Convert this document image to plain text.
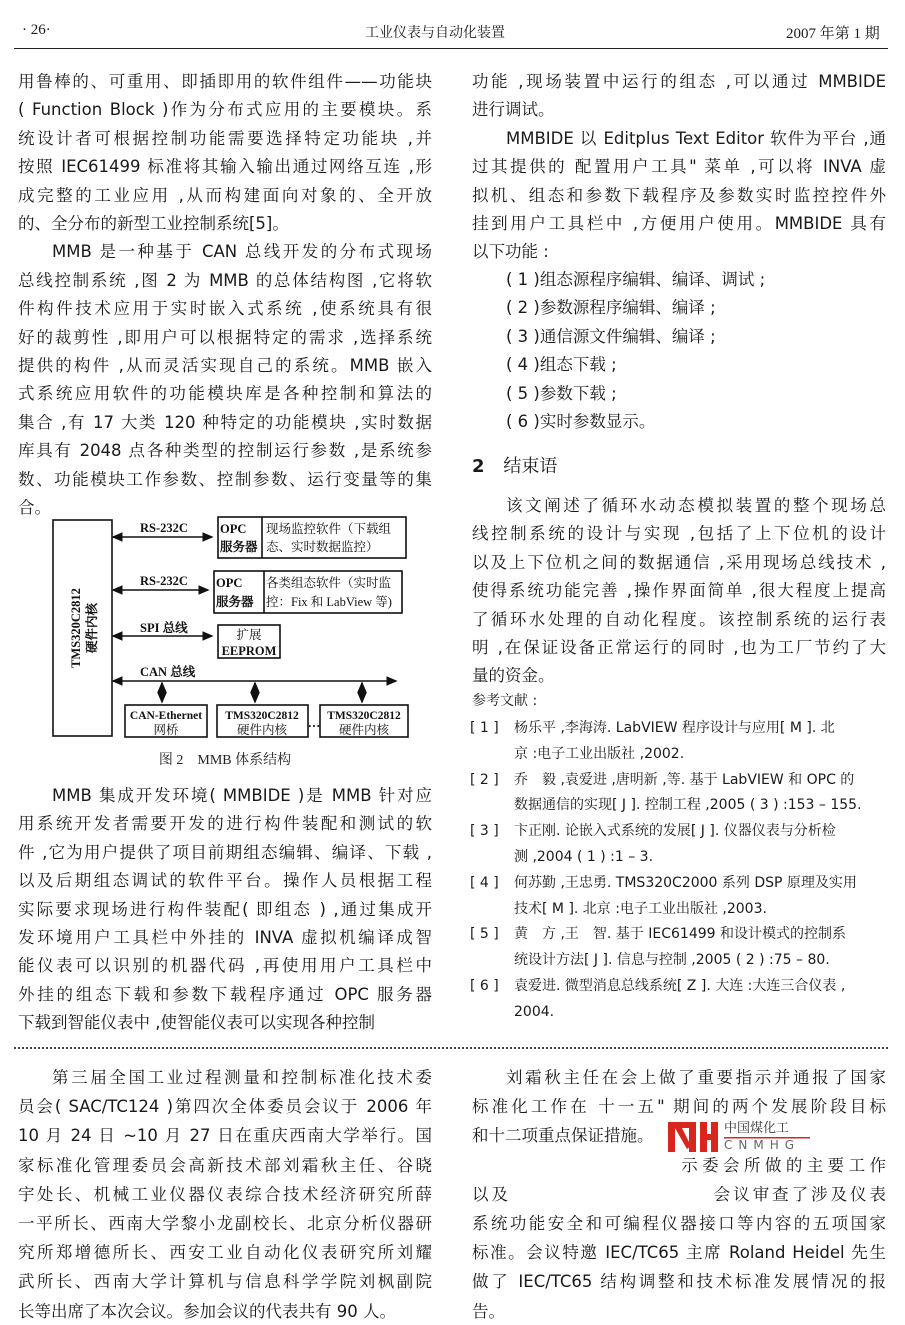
· 26·	工业仪表与自动化装置	2007 年第 1 期
用鲁棒的、可重用、即插即用的软件组件——功能块
( Function Block )作为分布式应用的主要模块。系
统设计者可根据控制功能需要选择特定功能块 ,并
按照 IEC61499 标准将其输入输出通过网络互连 ,形
成完整的工业应用 ,从而构建面向对象的、全开放
的、全分布的新型工业控制系统[5]。
MMB 是一种基于 CAN 总线开发的分布式现场
总线控制系统 ,图 2 为 MMB 的总体结构图 ,它将软
件构件技术应用于实时嵌入式系统 ,使系统具有很
好的裁剪性 ,即用户可以根据特定的需求 ,选择系统
提供的构件 ,从而灵活实现自己的系统。MMB 嵌入
式系统应用软件的功能模块库是各种控制和算法的
集合 ,有 17 大类 120 种特定的功能模块 ,实时数据
库具有 2048 点各种类型的控制运行参数 ,是系统参
数、功能模块工作参数、控制参数、运行变量等的集
合。
MMB 集成开发环境( MMBIDE )是 MMB 针对应
用系统开发者需要开发的进行构件装配和测试的软
件 ,它为用户提供了项目前期组态编辑、编译、下载 ,
以及后期组态调试的软件平台。操作人员根据工程
实际要求现场进行构件装配( 即组态 ) ,通过集成开
发环境用户工具栏中外挂的 INVA 虚拟机编译成智
能仪表可以识别的机器代码 ,再使用用户工具栏中
外挂的组态下载和参数下载程序通过 OPC 服务器
下载到智能仪表中 ,使智能仪表可以实现各种控制
功能 ,现场装置中运行的组态 ,可以通过 MMBIDE
进行调试。
MMBIDE 以 Editplus Text Editor 软件为平台 ,通
过其提供的 配置用户工具" 菜单 ,可以将 INVA 虚
拟机、组态和参数下载程序及参数实时监控控件外
挂到用户工具栏中 ,方便用户使用。MMBIDE 具有
以下功能 :
( 1 )组态源程序编辑、编译、调试 ;
( 2 )参数源程序编辑、编译 ;
( 3 )通信源文件编辑、编译 ;
( 4 )组态下载 ;
( 5 )参数下载 ;
( 6 )实时参数显示。
该文阐述了循环水动态模拟装置的整个现场总
线控制系统的设计与实现 ,包括了上下位机的设计
以及上下位机之间的数据通信 ,采用现场总线技术 ,
使得系统功能完善 ,操作界面简单 ,很大程度上提高
了循环水处理的自动化程度。该控制系统的运行表
明 ,在保证设备正常运行的同时 ,也为工厂节约了大
量的资金。
参考文献 :
[ 1 ] 杨乐平 ,李海涛. LabVIEW 程序设计与应用[ M ]. 北
京 :电子工业出版社 ,2002.
[ 2 ] 乔　毅 ,袁爱进 ,唐明新 ,等. 基于 LabVIEW 和 OPC 的
数据通信的实现[ J ]. 控制工程 ,2005 ( 3 ) :153 – 155.
[ 3 ] 卞正刚. 论嵌入式系统的发展[ J ]. 仪器仪表与分析检
测 ,2004 ( 1 ) :1 – 3.
[ 4 ] 何苏勤 ,王忠勇. TMS320C2000 系列 DSP 原理及实用
技术[ M ]. 北京 :电子工业出版社 ,2003.
[ 5 ] 黄　方 ,王　智. 基于 IEC61499 和设计模式的控制系
统设计方法[ J ]. 信息与控制 ,2005 ( 2 ) :75 – 80.
[ 6 ] 袁爱进. 微型消息总线系统[ Z ]. 大连 :大连三合仪表 ,
2004.
第三届全国工业过程测量和控制标准化技术委
员会( SAC/TC124 )第四次全体委员会议于 2006 年
10 月 24 日 ~10 月 27 日在重庆西南大学举行。国
家标准化管理委员会高新技术部刘霜秋主任、谷晓
宇处长、机械工业仪器仪表综合技术经济研究所薛
一平所长、西南大学黎小龙副校长、北京分析仪器研
究所郑增德所长、西安工业自动化仪表研究所刘耀
武所长、西南大学计算机与信息科学学院刘枫副院
长等出席了本次会议。参加会议的代表共有 90 人。
刘霜秋主任在会上做了重要指示并通报了国家
标准化工作在 十一五" 期间的两个发展阶段目标
和十二项重点保证措施。
　　　　　　　　　　示委会所做的主要工作
以及　　　　　　　　　　 会议审查了涉及仪表
系统功能安全和可编程仪器接口等内容的五项国家
标准。会议特邀 IEC/TC65 主席 Roland Heidel 先生
做了 IEC/TC65 结构调整和技术标准发展情况的报
告。
2 结束语
TMS320C2812 硬件内核
RS-232C
RS-232C
SPI 总线
CAN 总线
OPC
服务器
现场监控软件（下载组
态、实时数据监控）
OPC
服务器
各类组态软件（实时监
控：Fix 和 LabView 等)
扩展
EEPROM
CAN-Ethernet
网桥
TMS320C2812
硬件内核 … TMS320C2812
硬件内核
图 2　MMB 体系结构
中国煤化工
CNMHG
